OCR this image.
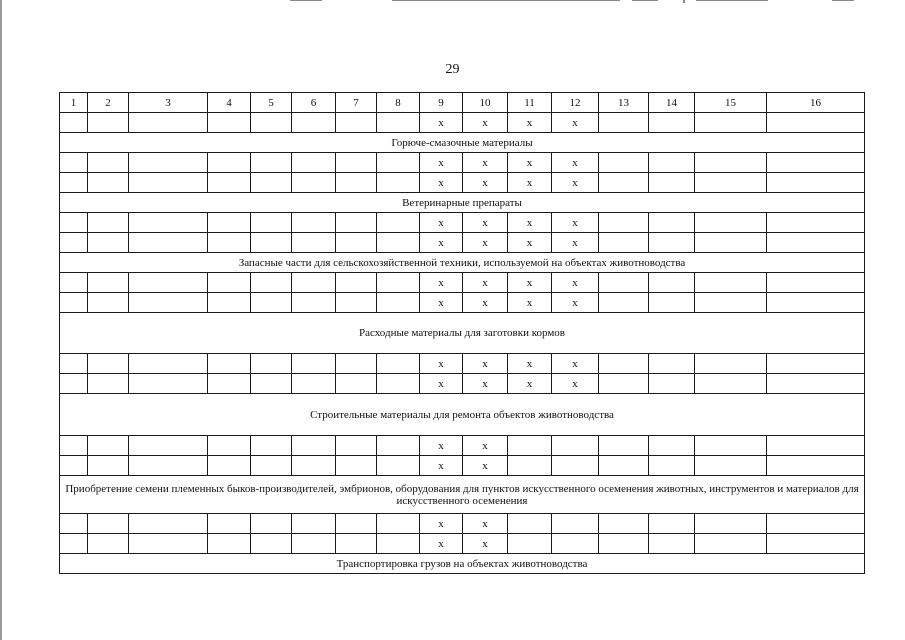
29
1	2	3	4	5	6	7	8	9	10	11	12	13	14	15	16
								x	x	x	x				
Горюче-смазочные материалы															
								x	x	x	x				
								x	x	x	x				
Ветеринарные препараты															
								x	x	x	x				
								x	x	x	x				
Запасные части для сельскохозяйственной техники, используемой на объектах животноводства															
								x	x	x	x				
								x	x	x	x				
Расходные материалы для заготовки кормов															
								x	x	x	x				
								x	x	x	x				
Строительные материалы для ремонта объектов животноводства															
								x	x						
								x	x						
Приобретение семени племенных быков-производителей, эмбрионов, оборудования для пунктов искусственного осеменения животных, инструментов и материалов для искусственного осеменения															
								x	x						
								x	x						
Транспортировка грузов на объектах животноводства															
